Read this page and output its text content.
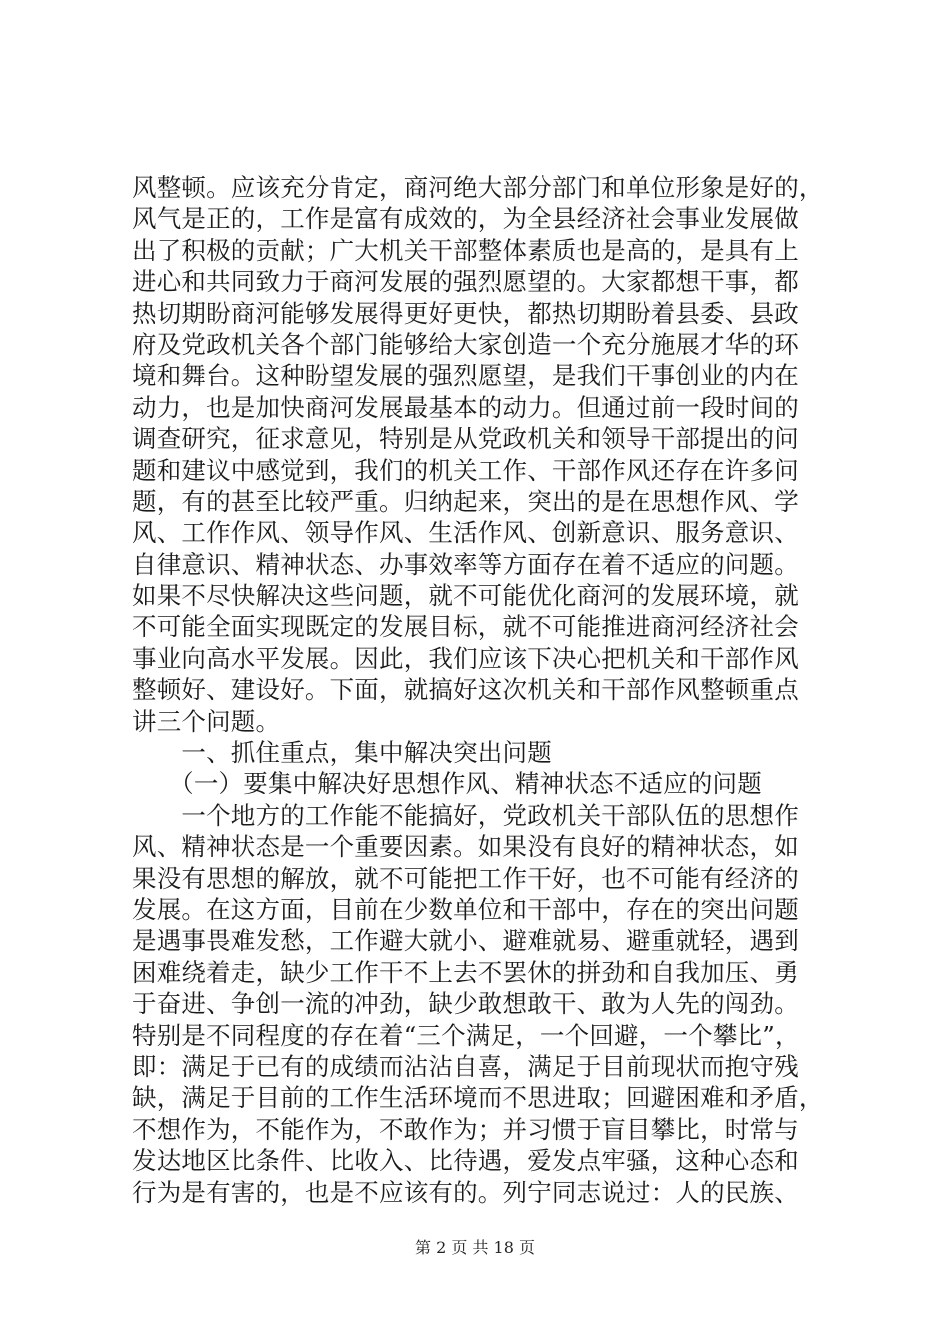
风整顿。应该充分肯定，商河绝大部分部门和单位形象是好的，
风气是正的，工作是富有成效的，为全县经济社会事业发展做
出了积极的贡献；广大机关干部整体素质也是高的，是具有上
进心和共同致力于商河发展的强烈愿望的。大家都想干事，都
热切期盼商河能够发展得更好更快，都热切期盼着县委、县政
府及党政机关各个部门能够给大家创造一个充分施展才华的环
境和舞台。这种盼望发展的强烈愿望，是我们干事创业的内在
动力，也是加快商河发展最基本的动力。但通过前一段时间的
调查研究，征求意见，特别是从党政机关和领导干部提出的问
题和建议中感觉到，我们的机关工作、干部作风还存在许多问
题，有的甚至比较严重。归纳起来，突出的是在思想作风、学
风、工作作风、领导作风、生活作风、创新意识、服务意识、
自律意识、精神状态、办事效率等方面存在着不适应的问题。
如果不尽快解决这些问题，就不可能优化商河的发展环境，就
不可能全面实现既定的发展目标，就不可能推进商河经济社会
事业向高水平发展。因此，我们应该下决心把机关和干部作风
整顿好、建设好。下面，就搞好这次机关和干部作风整顿重点
讲三个问题。
　　一、抓住重点，集中解决突出问题
　　（一）要集中解决好思想作风、精神状态不适应的问题
　　一个地方的工作能不能搞好，党政机关干部队伍的思想作
风、精神状态是一个重要因素。如果没有良好的精神状态，如
果没有思想的解放，就不可能把工作干好，也不可能有经济的
发展。在这方面，目前在少数单位和干部中，存在的突出问题
是遇事畏难发愁，工作避大就小、避难就易、避重就轻，遇到
困难绕着走，缺少工作干不上去不罢休的拼劲和自我加压、勇
于奋进、争创一流的冲劲，缺少敢想敢干、敢为人先的闯劲。
特别是不同程度的存在着“三个满足，一个回避，一个攀比”，
即：满足于已有的成绩而沾沾自喜，满足于目前现状而抱守残
缺，满足于目前的工作生活环境而不思进取；回避困难和矛盾，
不想作为，不能作为，不敢作为；并习惯于盲目攀比，时常与
发达地区比条件、比收入、比待遇，爱发点牢骚，这种心态和
行为是有害的，也是不应该有的。列宁同志说过：人的民族、
第 2 页 共 18 页
